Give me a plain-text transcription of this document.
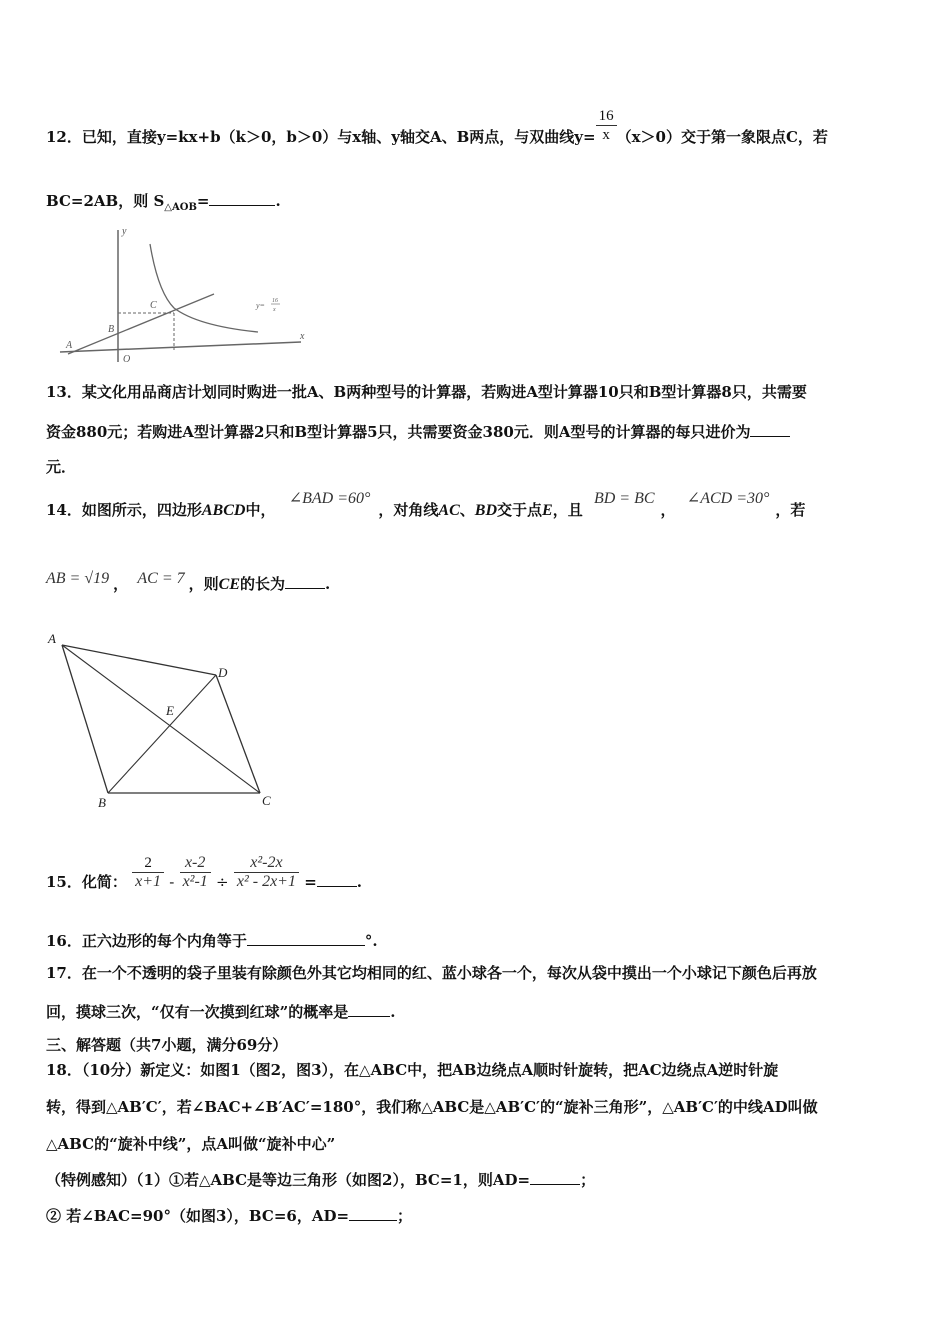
12．已知，直接y=kx+b（k＞0，b＞0）与x轴、y轴交A、B两点，与双曲线$y= \frac{16}{x} (x>0)$交于第一象限点C，若
BC=2AB，则 $S_{\triangle AOB}=$	.
y
x
A
B
C
O
y= 16
x
13．某文化用品商店计划同时购进一批A、B两种型号的计算器，若购进A型计算器10只和B型计算器8只，共需要
资金880元；若购进A型计算器2只和B型计算器5只，共需要资金380元．则A型号的计算器的每只进价为
元．
14．如图所示，四边形ABCD中， ∠BAD =60°，对角线AC、BD交于点E，且 BD = BC， ∠ACD =30°，若
AB = √19 ， AC = 7 ，则CE的长为	.
A
D
E
B	C
15．化简： $\frac{2}{x+1} - \frac{x-2}{\text{x²-1}} \div \frac{\text{x²-2x}}{\text{x² - 2x+1}}$ =	.
16．正六边形的每个内角等于	°.
17．在一个不透明的袋子里装有除颜色外其它均相同的红、蓝小球各一个，每次从袋中摸出一个小球记下颜色后再放
回，摸球三次，“仅有一次摸到红球”的概率是	.
三、解答题（共7小题，满分69分）
18．（10分）新定义：如图1（图2，图3），在△ABC中，把AB边绕点A顺时针旋转，把AC边绕点A逆时针旋
转，得到△AB′C′，若∠BAC+∠B′AC′=180°，我们称△ABC是△AB′C′的“旋补三角形”，△AB′C′的中线AD叫做
△ABC的“旋补中线”，点A叫做“旋补中心”
（特例感知）（1）①若△ABC是等边三角形（如图2），BC=1，则AD=	；
② 若∠BAC=90°（如图3），BC=6，AD=	；
